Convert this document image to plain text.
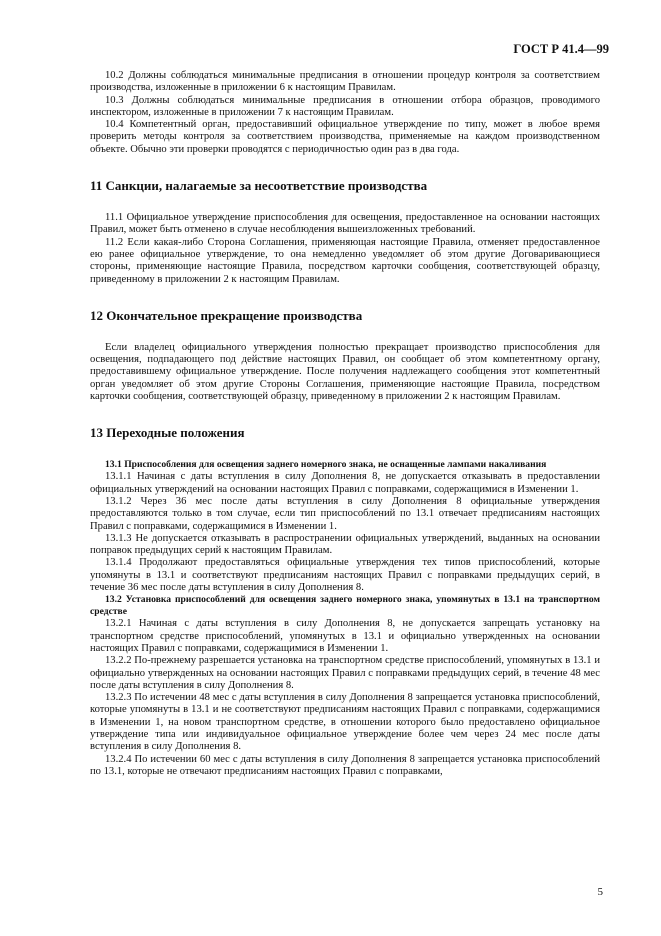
ГОСТ Р 41.4—99

10.2 Должны соблюдаться минимальные предписания в отношении процедур контроля за соответствием производства, изложенные в приложении 6 к настоящим Правилам.

10.3 Должны соблюдаться минимальные предписания в отношении отбора образцов, проводимого инспектором, изложенные в приложении 7 к настоящим Правилам.

10.4 Компетентный орган, предоставивший официальное утверждение по типу, может в любое время проверить методы контроля за соответствием производства, применяемые на каждом производственном объекте. Обычно эти проверки проводятся с периодичностью один раз в два года.

11 Санкции, налагаемые за несоответствие производства

11.1 Официальное утверждение приспособления для освещения, предоставленное на основании настоящих Правил, может быть отменено в случае несоблюдения вышеизложенных требований.

11.2 Если какая-либо Сторона Соглашения, применяющая настоящие Правила, отменяет предоставленное ею ранее официальное утверждение, то она немедленно уведомляет об этом другие Договаривающиеся стороны, применяющие настоящие Правила, посредством карточки сообщения, соответствующей образцу, приведенному в приложении 2 к настоящим Правилам.

12 Окончательное прекращение производства

Если владелец официального утверждения полностью прекращает производство приспособления для освещения, подпадающего под действие настоящих Правил, он сообщает об этом компетентному органу, предоставившему официальное утверждение. После получения надлежащего сообщения этот компетентный орган уведомляет об этом другие Стороны Соглашения, применяющие настоящие Правила, посредством карточки сообщения, соответствующей образцу, приведенному в приложении 2 к настоящим Правилам.

13 Переходные положения
13.1 Приспособления для освещения заднего номерного знака, не оснащенные лампами накаливания

13.1.1 Начиная с даты вступления в силу Дополнения 8, не допускается отказывать в предоставлении официальных утверждений на основании настоящих Правил с поправками, содержащимися в Изменении 1.

13.1.2 Через 36 мес после даты вступления в силу Дополнения 8 официальные утверждения предоставляются только в том случае, если тип приспособлений по 13.1 отвечает предписаниям настоящих Правил с поправками, содержащимися в Изменении 1.

13.1.3 Не допускается отказывать в распространении официальных утверждений, выданных на основании поправок предыдущих серий к настоящим Правилам.

13.1.4 Продолжают предоставляться официальные утверждения тех типов приспособлений, которые упомянуты в 13.1 и соответствуют предписаниям настоящих Правил с поправками предыдущих серий, в течение 36 мес после даты вступления в силу Дополнения 8.

13.2 Установка приспособлений для освещения заднего номерного знака, упомянутых в 13.1 на транспортном средстве

13.2.1 Начиная с даты вступления в силу Дополнения 8, не допускается запрещать установку на транспортном средстве приспособлений, упомянутых в 13.1 и официально утвержденных на основании настоящих Правил с поправками, содержащимися в Изменении 1.

13.2.2 По-прежнему разрешается установка на транспортном средстве приспособлений, упомянутых в 13.1 и официально утвержденных на основании настоящих Правил с поправками предыдущих серий, в течение 48 мес после даты вступления в силу Дополнения 8.

13.2.3 По истечении 48 мес с даты вступления в силу Дополнения 8 запрещается установка приспособлений, которые упомянуты в 13.1 и не соответствуют предписаниям настоящих Правил с поправками, содержащимися в Изменении 1, на новом транспортном средстве, в отношении которого было предоставлено официальное утверждение типа или индивидуальное официальное утверждение более чем через 24 мес после даты вступления в силу Дополнения 8.

13.2.4 По истечении 60 мес с даты вступления в силу Дополнения 8 запрещается установка приспособлений по 13.1, которые не отвечают предписаниям настоящих Правил с поправками,

5
